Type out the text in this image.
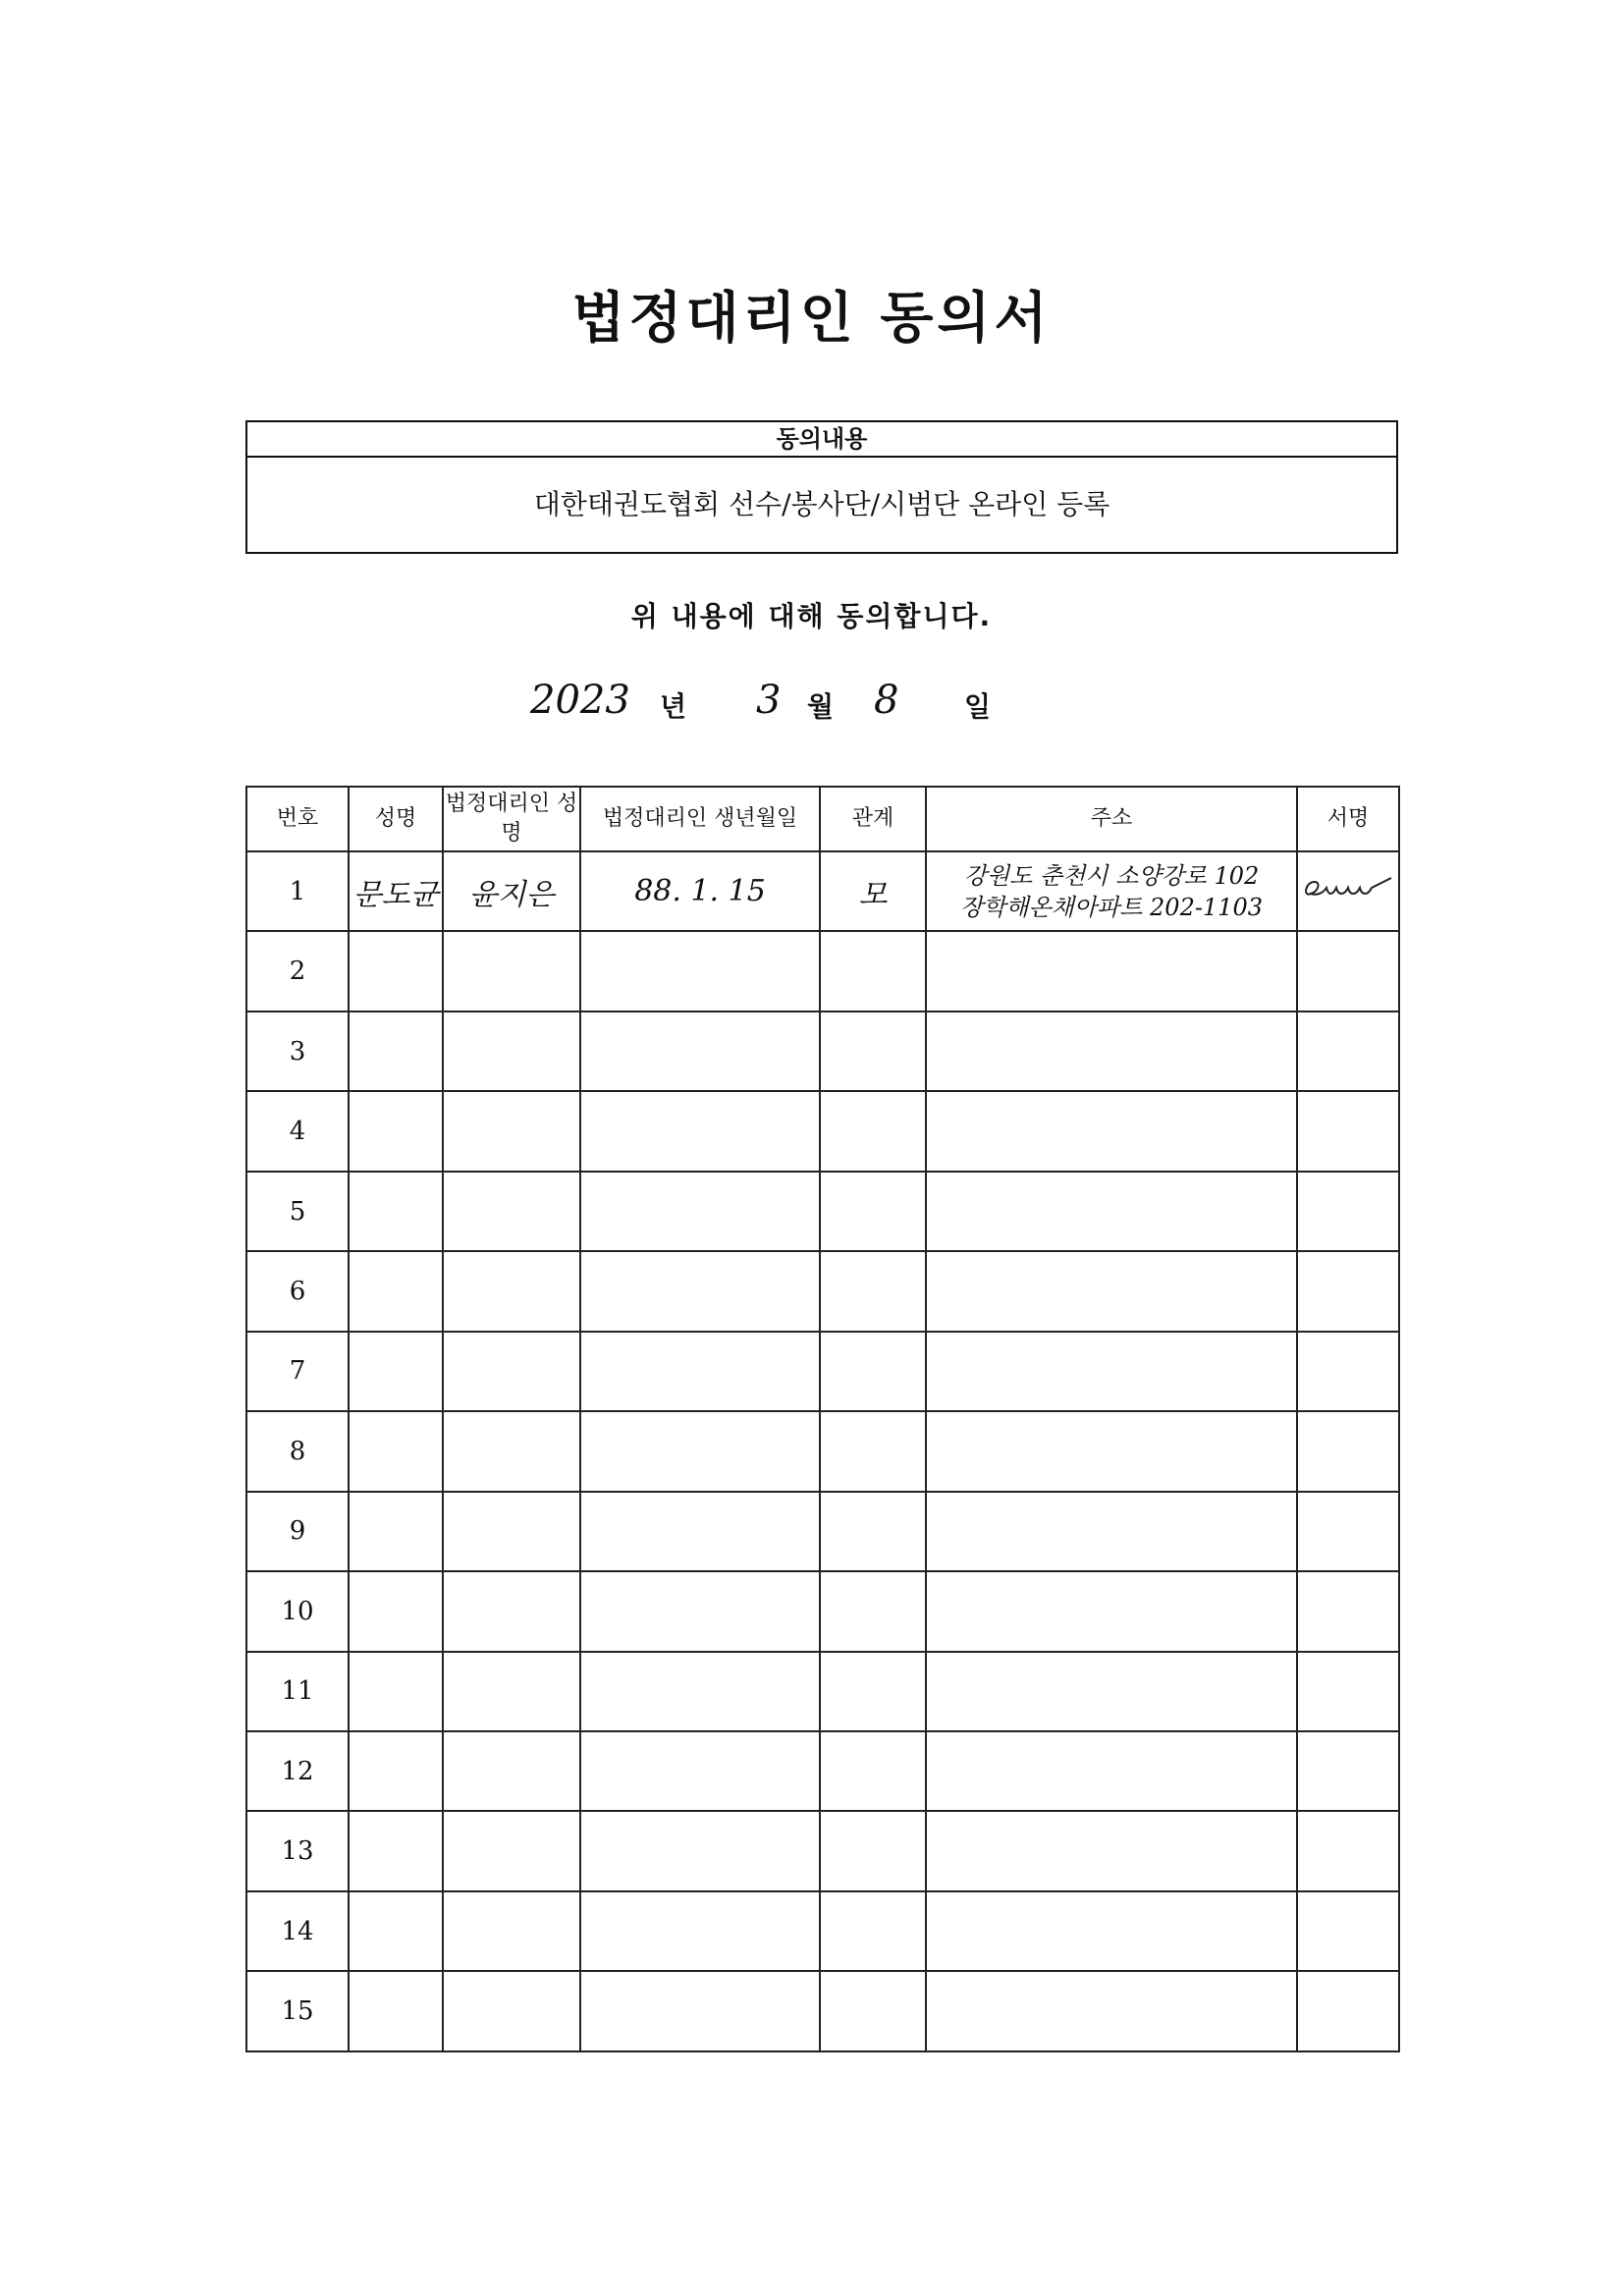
법정대리인 동의서
동의내용
대한태권도협회 선수/봉사단/시범단 온라인 등록
위 내용에 대해 동의합니다.
2023 년 3 월 8 일
번호	성명	법정대리인 성명	법정대리인 생년월일	관계	주소	서명
1	문도균	윤지은	88. 1. 15	모	강원도 춘천시 소양강로 102
장학해온채아파트 202-1103

2						
3						
4						
5						
6						
7						
8						
9						
10						
11						
12						
13						
14						
15						
